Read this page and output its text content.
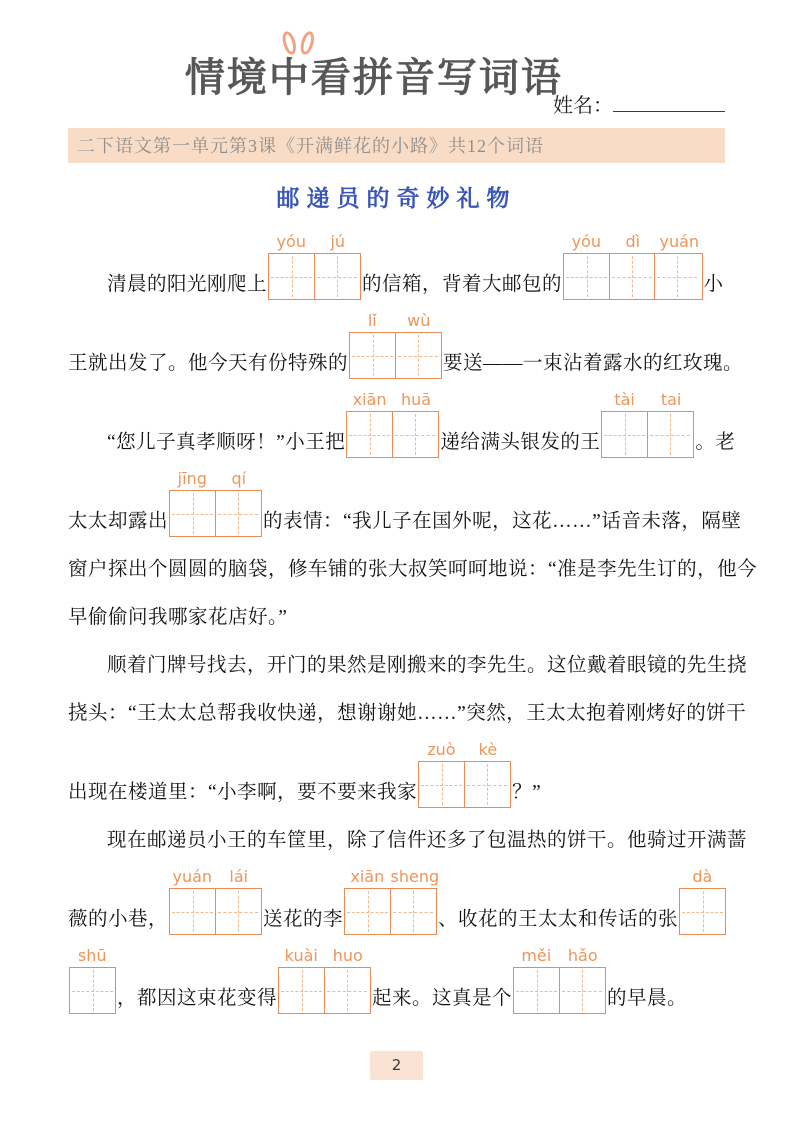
情境中看拼音写词语
姓名：
二下语文第一单元第3课《开满鲜花的小路》共12个词语
邮递员的奇妙礼物
清晨的阳光刚爬上
yóu	jú
的信箱，背着大邮包的
yóu	dì	yuán
小
王就出发了。他今天有份特殊的
lǐ	wù
要送——一束沾着露水的红玫瑰。
“您儿子真孝顺呀！”小王把
xiān huā
递给满头银发的王
tài	tai
。老
太太却露出
jīng	qí
的表情：“我儿子在国外呢，这花……”话音未落，隔壁
窗户探出个圆圆的脑袋，修车铺的张大叔笑呵呵地说：“准是李先生订的，他今
早偷偷问我哪家花店好。”
顺着门牌号找去，开门的果然是刚搬来的李先生。这位戴着眼镜的先生挠
挠头：“王太太总帮我收快递，想谢谢她……”突然，王太太抱着刚烤好的饼干
出现在楼道里：“小李啊，要不要来我家
zuò	kè
？”
现在邮递员小王的车筐里，除了信件还多了包温热的饼干。他骑过开满蔷
薇的小巷，
yuán	lái
送花的李
xiān sheng
、收花的王太太和传话的张
dà
shū
，都因这束花变得
kuài huo
起来。这真是个
měi	hǎo
的早晨。
2
